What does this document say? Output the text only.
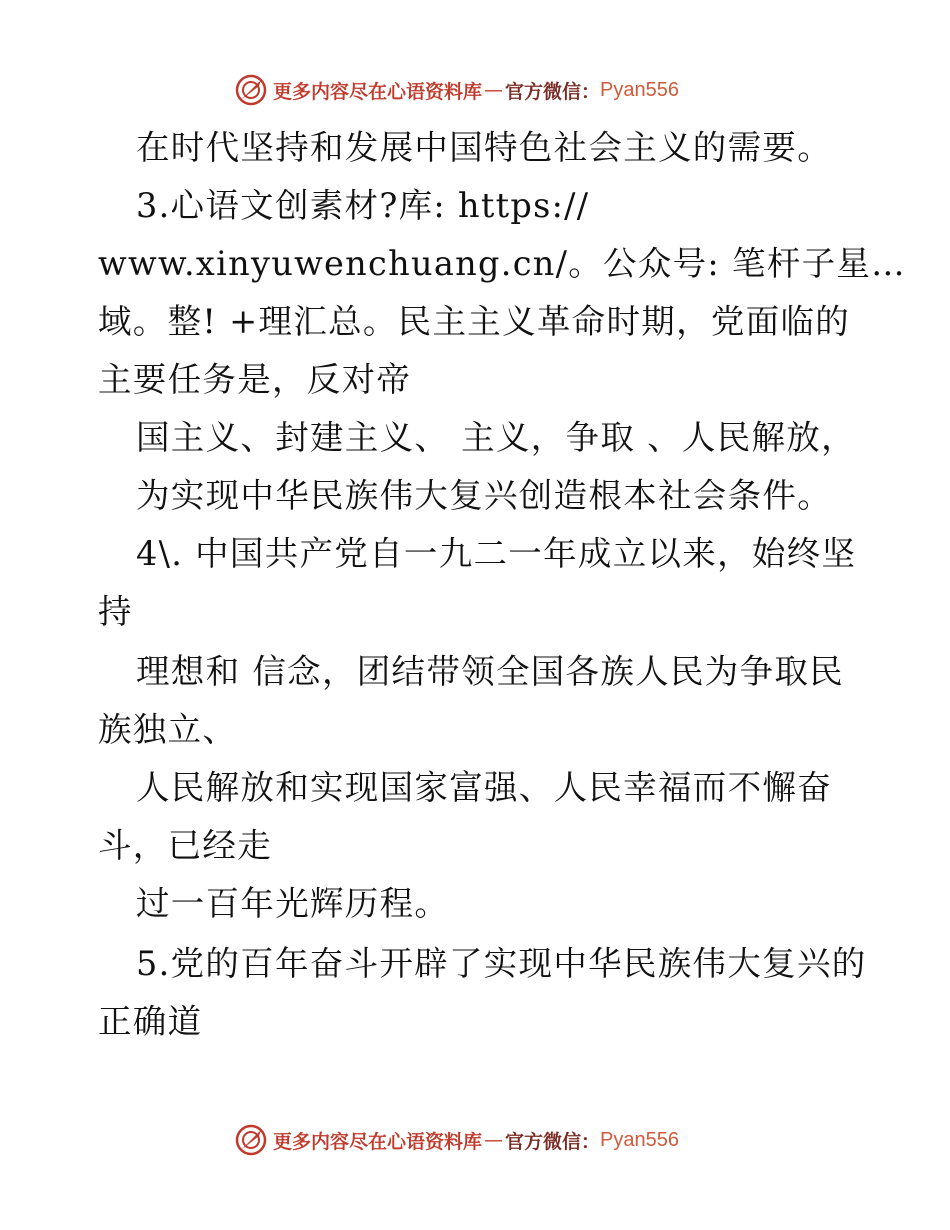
更多内容尽在心语资料库 — 官方微信： Pyan556
在时代坚持和发展中国特色社会主义的需要。
3.心语文创素材?库: https://
www.xinyuwenchuang.cn/。公众号: 笔杆子星…
域。整! +理汇总。民主主义革命时期，党面临的
主要任务是，反对帝
国主义、封建主义、 主义，争取 、人民解放，
为实现中华民族伟大复兴创造根本社会条件。
4\. 中国共产党自一九二一年成立以来，始终坚
持
理想和 信念，团结带领全国各族人民为争取民
族独立、
人民解放和实现国家富强、人民幸福而不懈奋
斗，已经走
过一百年光辉历程。
5.党的百年奋斗开辟了实现中华民族伟大复兴的
正确道
更多内容尽在心语资料库 — 官方微信： Pyan556
